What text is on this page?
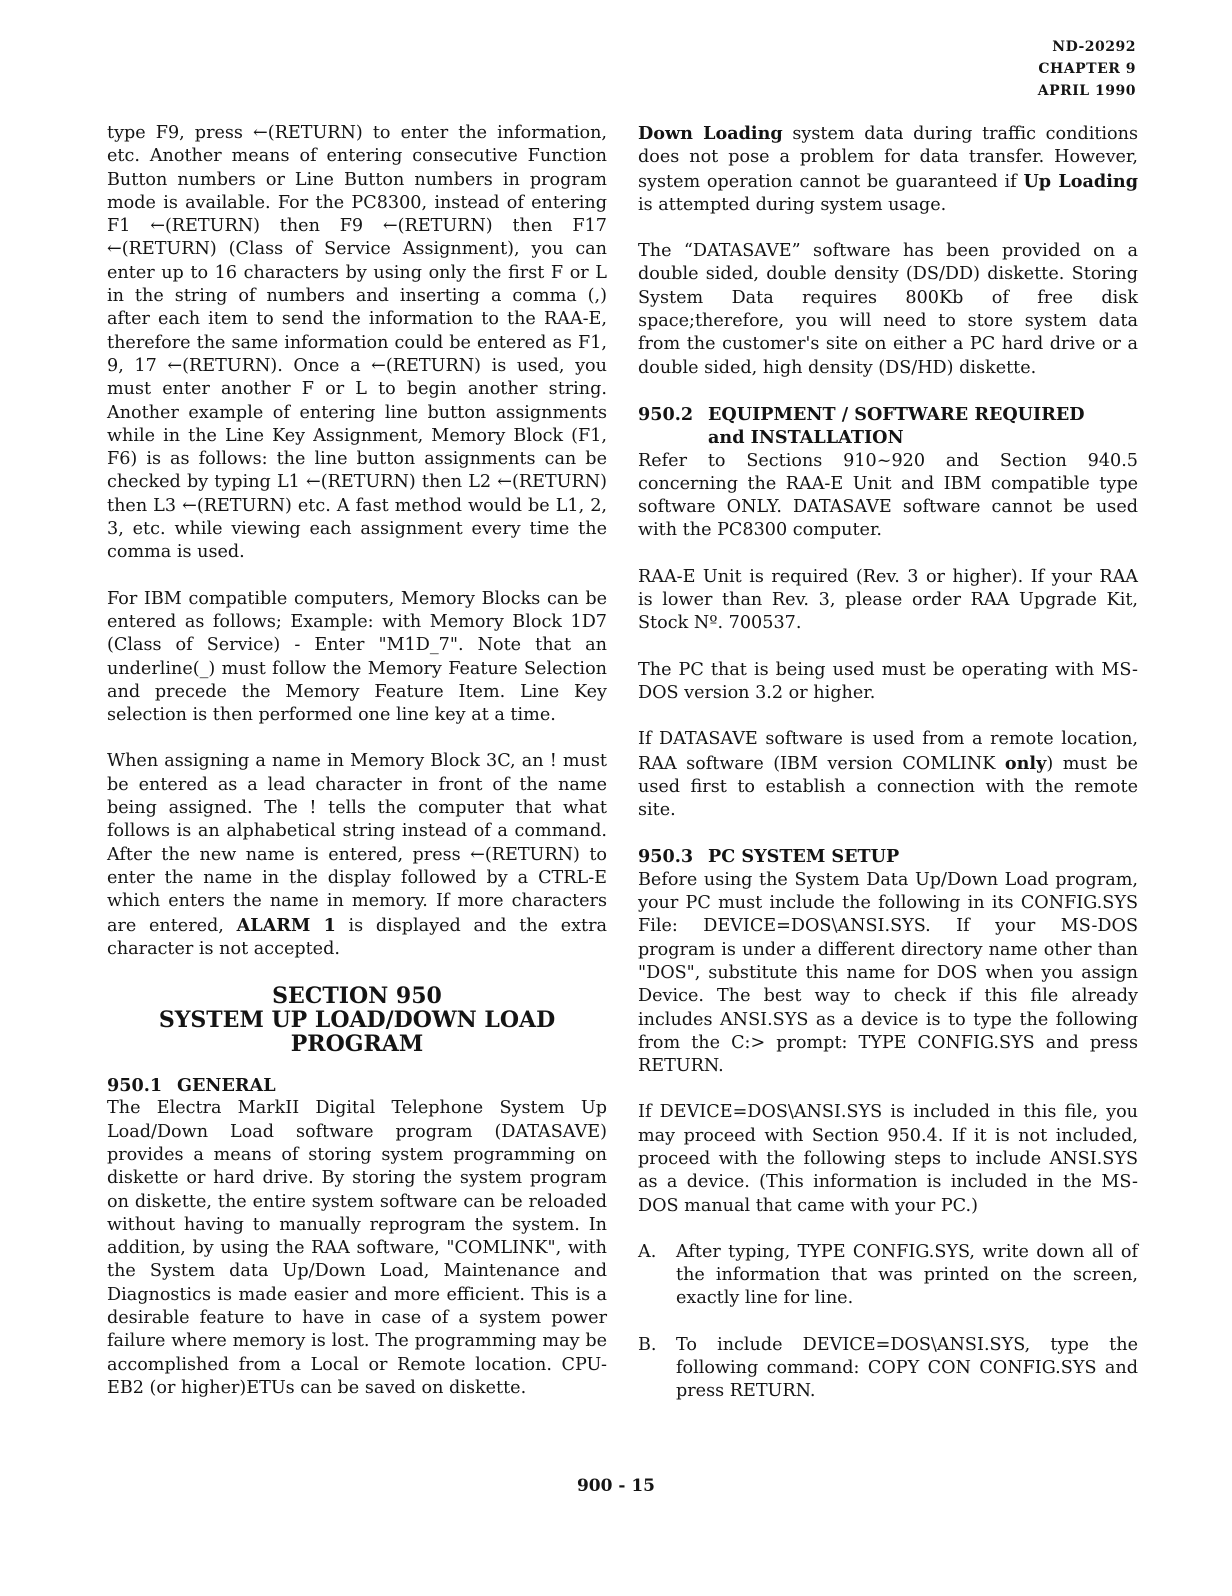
ND-20292
CHAPTER 9
APRIL 1990

type F9, press ←(RETURN) to enter the information, etc. Another means of entering consecutive Function Button numbers or Line Button numbers in program mode is available. For the PC8300, instead of entering F1 ←(RETURN) then F9 ←(RETURN) then F17 ←(RETURN) (Class of Service Assignment), you can enter up to 16 characters by using only the first F or L in the string of numbers and inserting a comma (,) after each item to send the information to the RAA-E, therefore the same information could be entered as F1, 9, 17 ←(RETURN). Once a ←(RETURN) is used, you must enter another F or L to begin another string. Another example of entering line button assignments while in the Line Key Assignment, Memory Block (F1, F6) is as follows: the line button assignments can be checked by typing L1 ←(RETURN) then L2 ←(RETURN) then L3 ←(RETURN) etc. A fast method would be L1, 2, 3, etc. while viewing each assignment every time the comma is used.

For IBM compatible computers, Memory Blocks can be entered as follows; Example: with Memory Block 1D7 (Class of Service) - Enter "M1D_7". Note that an underline(_) must follow the Memory Feature Selection and precede the Memory Feature Item. Line Key selection is then performed one line key at a time.

When assigning a name in Memory Block 3C, an ! must be entered as a lead character in front of the name being assigned. The ! tells the computer that what follows is an alphabetical string instead of a command. After the new name is entered, press ←(RETURN) to enter the name in the display followed by a CTRL-E which enters the name in memory. If more characters are entered, ALARM 1 is displayed and the extra character is not accepted.

SECTION 950
SYSTEM UP LOAD/DOWN LOAD
PROGRAM
950.1 GENERAL

The Electra MarkII Digital Telephone System Up Load/Down Load software program (DATASAVE) provides a means of storing system programming on diskette or hard drive. By storing the system program on diskette, the entire system software can be reloaded without having to manually reprogram the system. In addition, by using the RAA software, "COMLINK", with the System data Up/Down Load, Maintenance and Diagnostics is made easier and more efficient. This is a desirable feature to have in case of a system power failure where memory is lost. The programming may be accomplished from a Local or Remote location. CPU-EB2 (or higher)ETUs can be saved on diskette.

Down Loading system data during traffic conditions does not pose a problem for data transfer. However, system operation cannot be guaranteed if Up Loading is attempted during system usage.

The “DATASAVE” software has been provided on a double sided, double density (DS/DD) diskette. Storing System Data requires 800Kb of free disk space;therefore, you will need to store system data from the customer's site on either a PC hard drive or a double sided, high density (DS/HD) diskette.

950.2 EQUIPMENT / SOFTWARE REQUIRED
and INSTALLATION

Refer to Sections 910~920 and Section 940.5 concerning the RAA-E Unit and IBM compatible type software ONLY. DATASAVE software cannot be used with the PC8300 computer.

RAA-E Unit is required (Rev. 3 or higher). If your RAA is lower than Rev. 3, please order RAA Upgrade Kit, Stock Nº. 700537.

The PC that is being used must be operating with MS-DOS version 3.2 or higher.

If DATASAVE software is used from a remote location, RAA software (IBM version COMLINK only) must be used first to establish a connection with the remote site.

950.3 PC SYSTEM SETUP

Before using the System Data Up/Down Load program, your PC must include the following in its CONFIG.SYS File: DEVICE=DOS\ANSI.SYS. If your MS-DOS program is under a different directory name other than "DOS", substitute this name for DOS when you assign Device. The best way to check if this file already includes ANSI.SYS as a device is to type the following from the C:> prompt: TYPE CONFIG.SYS and press RETURN.

If DEVICE=DOS\ANSI.SYS is included in this file, you may proceed with Section 950.4. If it is not included, proceed with the following steps to include ANSI.SYS as a device. (This information is included in the MS-DOS manual that came with your PC.)

A.	After typing, TYPE CONFIG.SYS, write down all of the information that was printed on the screen, exactly line for line.
B.	To include DEVICE=DOS\ANSI.SYS, type the following command: COPY CON CONFIG.SYS and press RETURN.
900 - 15
